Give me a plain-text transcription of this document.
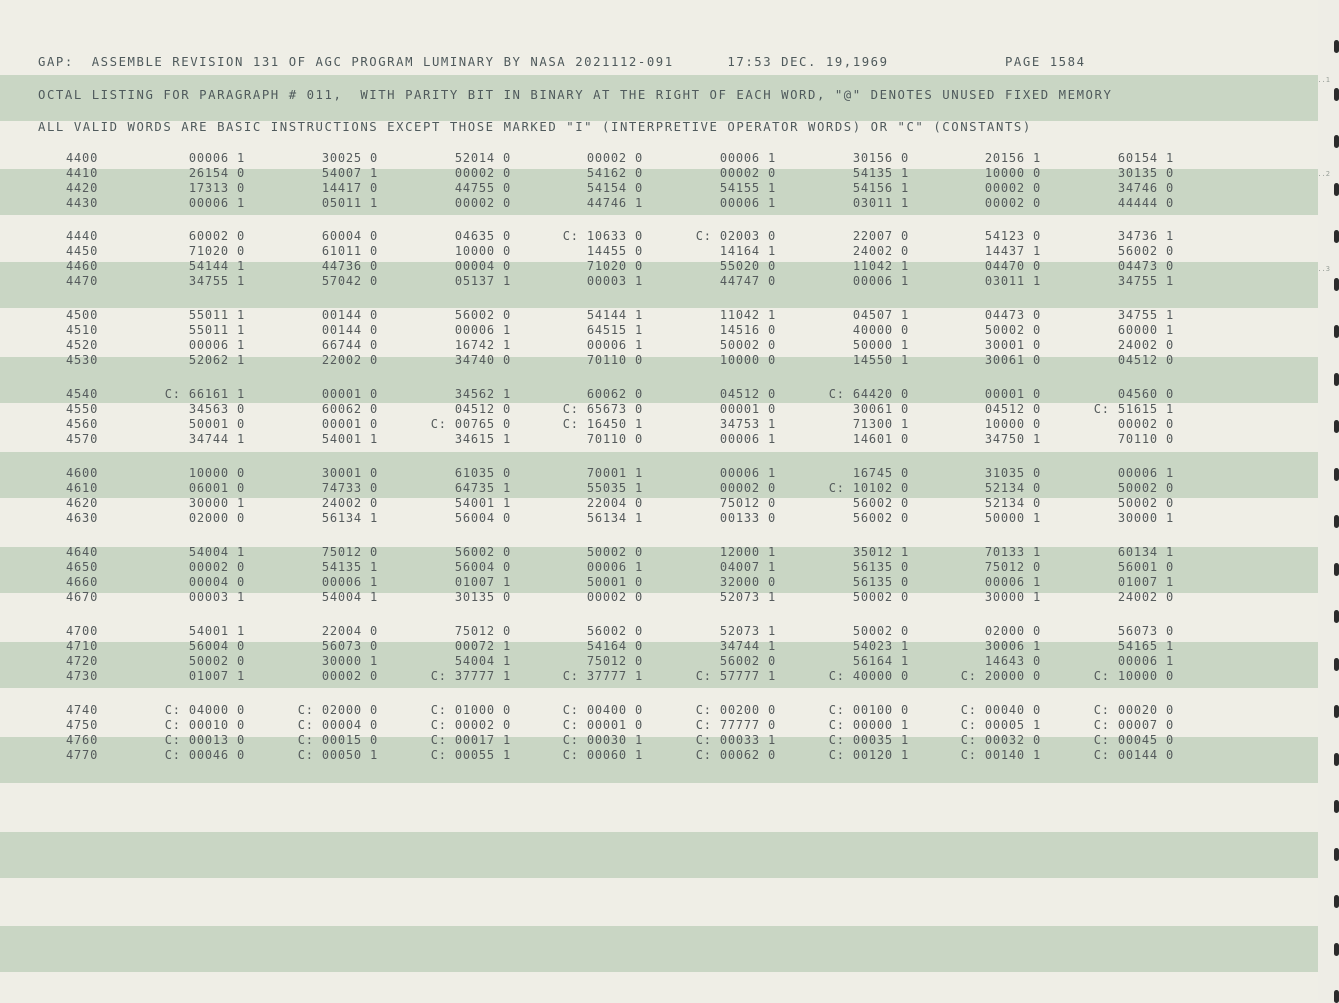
..1
..2
..3
GAP:  ASSEMBLE REVISION 131 OF AGC PROGRAM LUMINARY BY NASA 2021112-091      17:53 DEC. 19,1969             PAGE 1584
OCTAL LISTING FOR PARAGRAPH # 011,  WITH PARITY BIT IN BINARY AT THE RIGHT OF EACH WORD, "@" DENOTES UNUSED FIXED MEMORY
ALL VALID WORDS ARE BASIC INSTRUCTIONS EXCEPT THOSE MARKED "I" (INTERPRETIVE OPERATOR WORDS) OR "C" (CONSTANTS)
4400	00006 1	30025 0	52014 0	00002 0	00006 1	30156 0	20156 1	60154 1
4410	26154 0	54007 1	00002 0	54162 0	00002 0	54135 1	10000 0	30135 0
4420	17313 0	14417 0	44755 0	54154 0	54155 1	54156 1	00002 0	34746 0
4430	00006 1	05011 1	00002 0	44746 1	00006 1	03011 1	00002 0	44444 0
4440	60002 0	60004 0	04635 0	C: 10633 0	C: 02003 0	22007 0	54123 0	34736 1
4450	71020 0	61011 0	10000 0	14455 0	14164 1	24002 0	14437 1	56002 0
4460	54144 1	44736 0	00004 0	71020 0	55020 0	11042 1	04470 0	04473 0
4470	34755 1	57042 0	05137 1	00003 1	44747 0	00006 1	03011 1	34755 1
4500	55011 1	00144 0	56002 0	54144 1	11042 1	04507 1	04473 0	34755 1
4510	55011 1	00144 0	00006 1	64515 1	14516 0	40000 0	50002 0	60000 1
4520	00006 1	66744 0	16742 1	00006 1	50002 0	50000 1	30001 0	24002 0
4530	52062 1	22002 0	34740 0	70110 0	10000 0	14550 1	30061 0	04512 0
4540	C: 66161 1	00001 0	34562 1	60062 0	04512 0	C: 64420 0	00001 0	04560 0
4550	34563 0	60062 0	04512 0	C: 65673 0	00001 0	30061 0	04512 0	C: 51615 1
4560	50001 0	00001 0	C: 00765 0	C: 16450 1	34753 1	71300 1	10000 0	00002 0
4570	34744 1	54001 1	34615 1	70110 0	00006 1	14601 0	34750 1	70110 0
4600	10000 0	30001 0	61035 0	70001 1	00006 1	16745 0	31035 0	00006 1
4610	06001 0	74733 0	64735 1	55035 1	00002 0	C: 10102 0	52134 0	50002 0
4620	30000 1	24002 0	54001 1	22004 0	75012 0	56002 0	52134 0	50002 0
4630	02000 0	56134 1	56004 0	56134 1	00133 0	56002 0	50000 1	30000 1
4640	54004 1	75012 0	56002 0	50002 0	12000 1	35012 1	70133 1	60134 1
4650	00002 0	54135 1	56004 0	00006 1	04007 1	56135 0	75012 0	56001 0
4660	00004 0	00006 1	01007 1	50001 0	32000 0	56135 0	00006 1	01007 1
4670	00003 1	54004 1	30135 0	00002 0	52073 1	50002 0	30000 1	24002 0
4700	54001 1	22004 0	75012 0	56002 0	52073 1	50002 0	02000 0	56073 0
4710	56004 0	56073 0	00072 1	54164 0	34744 1	54023 1	30006 1	54165 1
4720	50002 0	30000 1	54004 1	75012 0	56002 0	56164 1	14643 0	00006 1
4730	01007 1	00002 0	C: 37777 1	C: 37777 1	C: 57777 1	C: 40000 0	C: 20000 0	C: 10000 0
4740	C: 04000 0	C: 02000 0	C: 01000 0	C: 00400 0	C: 00200 0	C: 00100 0	C: 00040 0	C: 00020 0
4750	C: 00010 0	C: 00004 0	C: 00002 0	C: 00001 0	C: 77777 0	C: 00000 1	C: 00005 1	C: 00007 0
4760	C: 00013 0	C: 00015 0	C: 00017 1	C: 00030 1	C: 00033 1	C: 00035 1	C: 00032 0	C: 00045 0
4770	C: 00046 0	C: 00050 1	C: 00055 1	C: 00060 1	C: 00062 0	C: 00120 1	C: 00140 1	C: 00144 0
